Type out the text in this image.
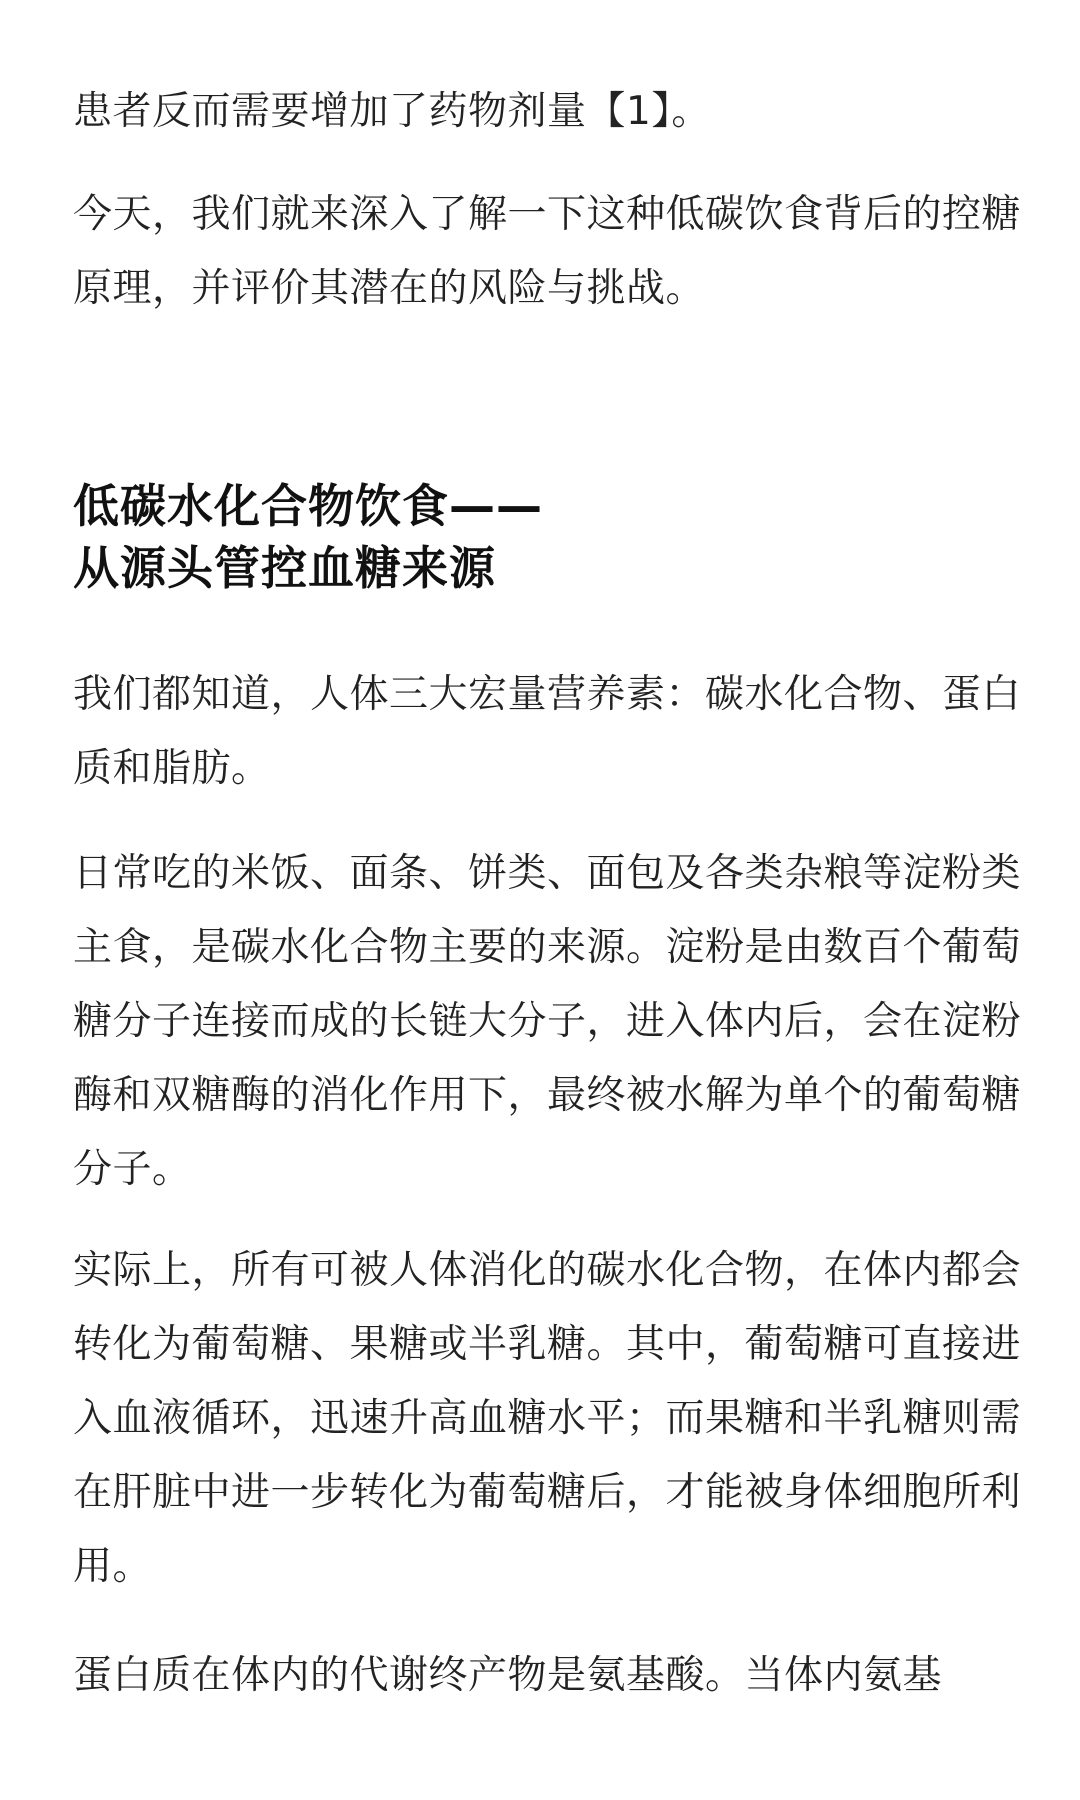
患者反而需要增加了药物剂量【1】。

今天，我们就来深入了解一下这种低碳饮食背后的控糖原理，并评价其潜在的风险与挑战。

低碳水化合物饮食——
从源头管控血糖来源

我们都知道，人体三大宏量营养素：碳水化合物、蛋白质和脂肪。

日常吃的米饭、面条、饼类、面包及各类杂粮等淀粉类主食，是碳水化合物主要的来源。淀粉是由数百个葡萄糖分子连接而成的长链大分子，进入体内后，会在淀粉酶和双糖酶的消化作用下，最终被水解为单个的葡萄糖分子。

实际上，所有可被人体消化的碳水化合物，在体内都会转化为葡萄糖、果糖或半乳糖。其中，葡萄糖可直接进入血液循环，迅速升高血糖水平；而果糖和半乳糖则需在肝脏中进一步转化为葡萄糖后，才能被身体细胞所利用。

蛋白质在体内的代谢终产物是氨基酸。当体内氨基
